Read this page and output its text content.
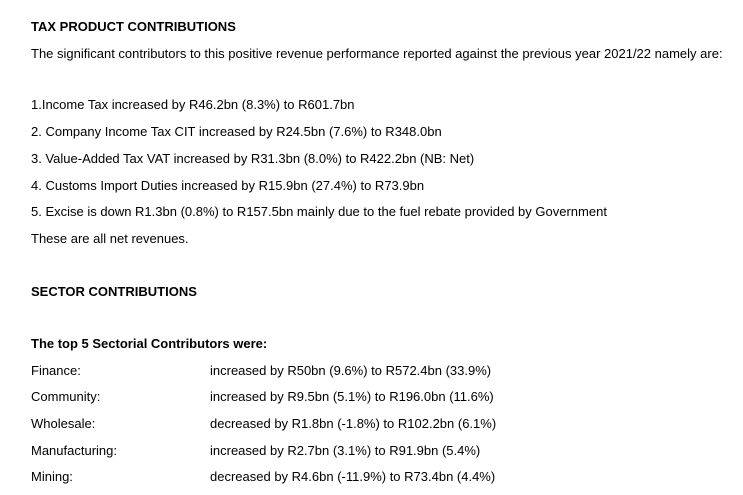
TAX PRODUCT CONTRIBUTIONS
The significant contributors to this positive revenue performance reported against the previous year 2021/22 namely are:
1.Income Tax increased by R46.2bn (8.3%) to R601.7bn
2. Company Income Tax CIT increased by R24.5bn (7.6%) to R348.0bn
3. Value-Added Tax VAT increased by R31.3bn (8.0%) to R422.2bn (NB: Net)
4. Customs Import Duties increased by R15.9bn (27.4%) to R73.9bn
5. Excise is down R1.3bn (0.8%) to R157.5bn mainly due to the fuel rebate provided by Government
These are all net revenues.
SECTOR CONTRIBUTIONS
The top 5 Sectorial Contributors were:
Finance:	increased by R50bn (9.6%) to R572.4bn (33.9%)
Community:	increased by R9.5bn (5.1%) to R196.0bn (11.6%)
Wholesale:	decreased by R1.8bn (-1.8%) to R102.2bn (6.1%)
Manufacturing:	increased by R2.7bn (3.1%) to R91.9bn (5.4%)
Mining:	decreased by R4.6bn (-11.9%) to R73.4bn (4.4%)
